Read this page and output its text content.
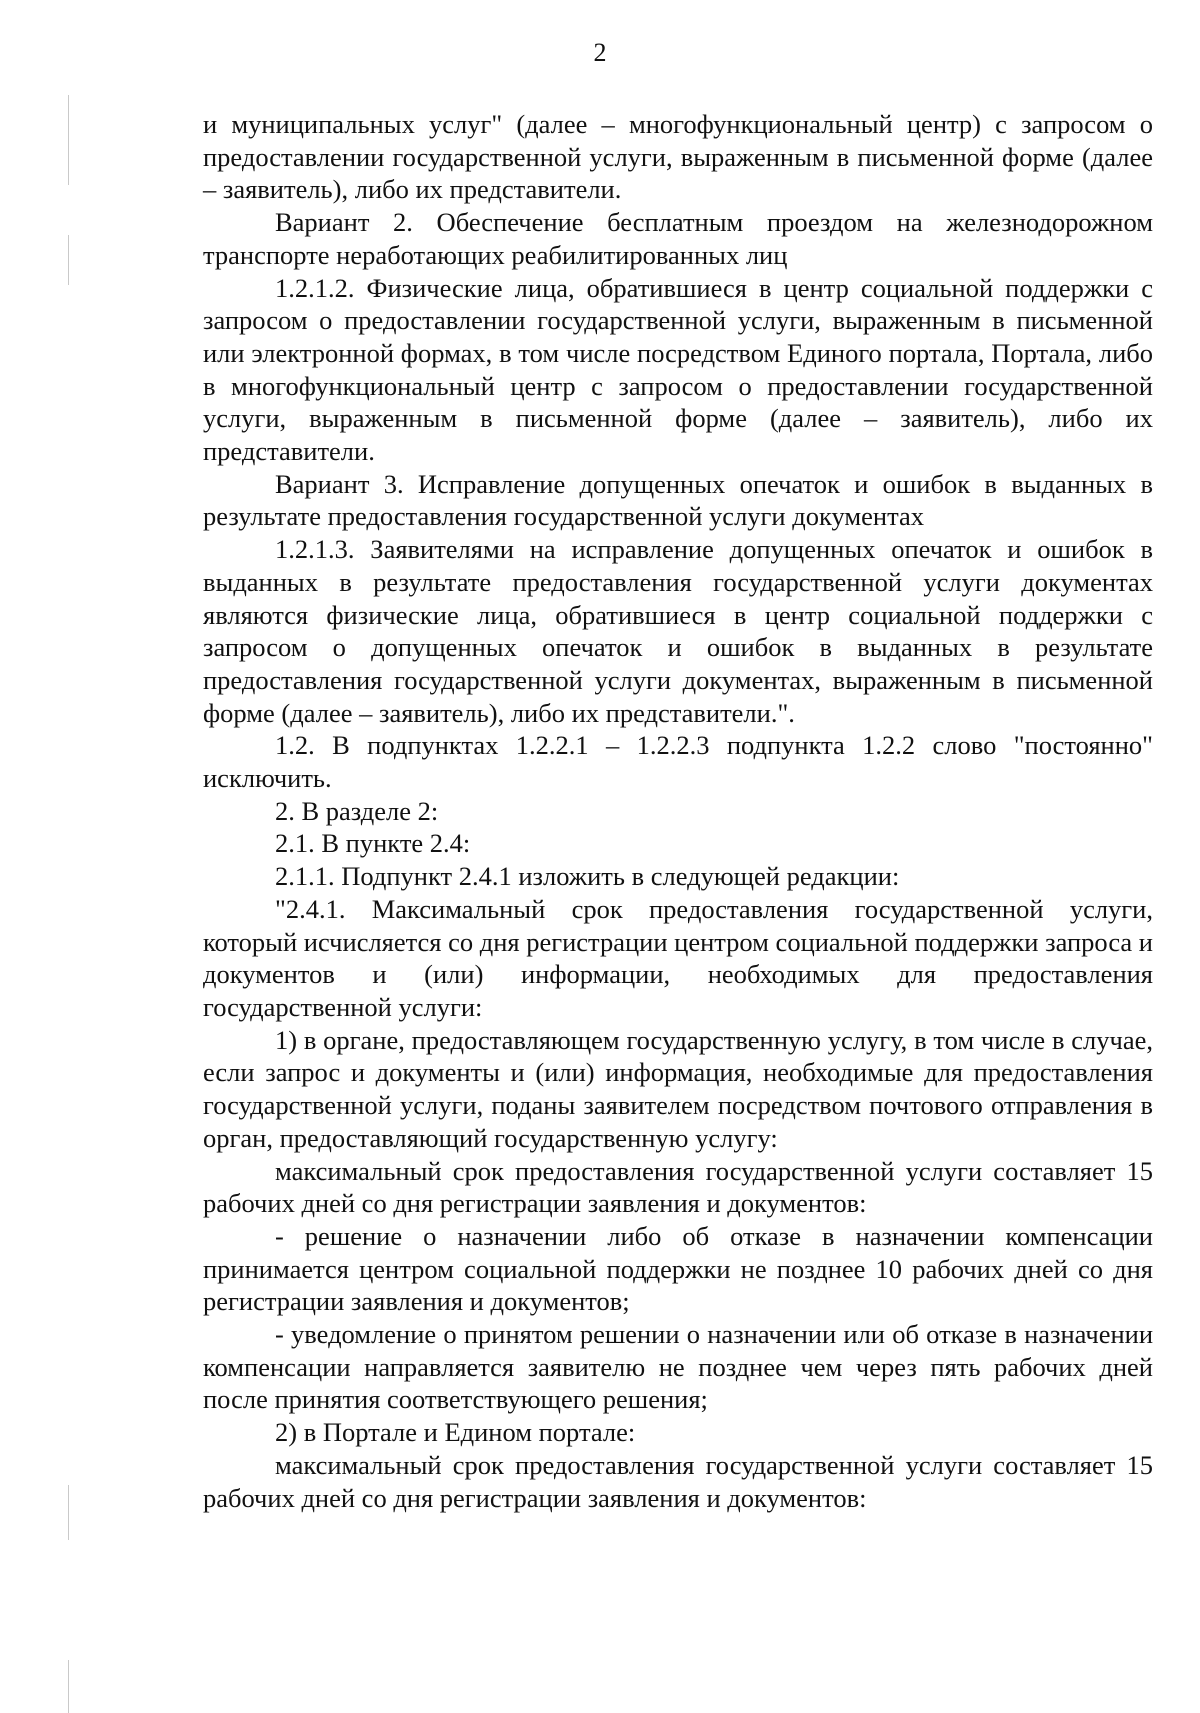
2

и муниципальных услуг" (далее – многофункциональный центр) с запросом о предоставлении государственной услуги, выраженным в письменной форме (далее – заявитель), либо их представители.

Вариант 2. Обеспечение бесплатным проездом на железнодорожном транспорте неработающих реабилитированных лиц

1.2.1.2. Физические лица, обратившиеся в центр социальной поддержки с запросом о предоставлении государственной услуги, выраженным в письменной или электронной формах, в том числе посредством Единого портала, Портала, либо в многофункциональный центр с запросом о предоставлении государственной услуги, выраженным в письменной форме (далее – заявитель), либо их представители.

Вариант 3. Исправление допущенных опечаток и ошибок в выданных в результате предоставления государственной услуги документах

1.2.1.3. Заявителями на исправление допущенных опечаток и ошибок в выданных в результате предоставления государственной услуги документах являются физические лица, обратившиеся в центр социальной поддержки с запросом о допущенных опечаток и ошибок в выданных в результате предоставления государственной услуги документах, выраженным в письменной форме (далее – заявитель), либо их представители.".

1.2. В подпунктах 1.2.2.1 – 1.2.2.3 подпункта 1.2.2 слово "постоянно" исключить.

2. В разделе 2:

2.1. В пункте 2.4:

2.1.1. Подпункт 2.4.1 изложить в следующей редакции:

"2.4.1. Максимальный срок предоставления государственной услуги, который исчисляется со дня регистрации центром социальной поддержки запроса и документов и (или) информации, необходимых для предоставления государственной услуги:

1) в органе, предоставляющем государственную услугу, в том числе в случае, если запрос и документы и (или) информация, необходимые для предоставления государственной услуги, поданы заявителем посредством почтового отправления в орган, предоставляющий государственную услугу:

максимальный срок предоставления государственной услуги составляет 15 рабочих дней со дня регистрации заявления и документов:

- решение о назначении либо об отказе в назначении компенсации принимается центром социальной поддержки не позднее 10 рабочих дней со дня регистрации заявления и документов;

- уведомление о принятом решении о назначении или об отказе в назначении компенсации направляется заявителю не позднее чем через пять рабочих дней после принятия соответствующего решения;

2) в Портале и Едином портале:

максимальный срок предоставления государственной услуги составляет 15 рабочих дней со дня регистрации заявления и документов:
